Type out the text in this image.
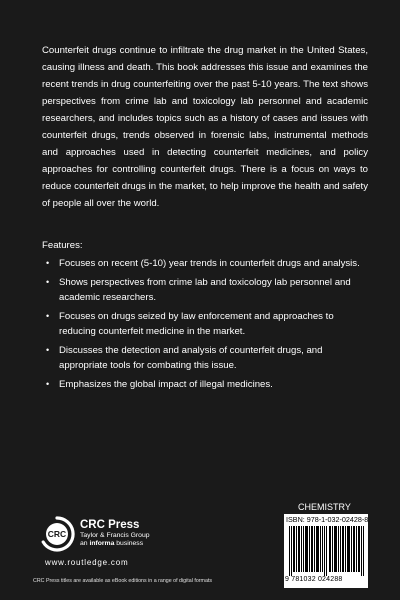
Counterfeit drugs continue to infiltrate the drug market in the United States, causing illness and death. This book addresses this issue and examines the recent trends in drug counterfeiting over the past 5-10 years. The text shows perspectives from crime lab and toxicology lab personnel and academic researchers, and includes topics such as a history of cases and issues with counterfeit drugs, trends observed in forensic labs, instrumental methods and approaches used in detecting counterfeit medicines, and policy approaches for controlling counterfeit drugs. There is a focus on ways to reduce counterfeit drugs in the market, to help improve the health and safety of people all over the world.

Features:

• Focuses on recent (5-10) year trends in counterfeit drugs and analysis.
• Shows perspectives from crime lab and toxicology lab personnel and academic researchers.
• Focuses on drugs seized by law enforcement and approaches to reducing counterfeit medicine in the market.
• Discusses the detection and analysis of counterfeit drugs, and appropriate tools for combating this issue.
• Emphasizes the global impact of illegal medicines.
CHEMISTRY
ISBN: 978-1-032-02428-8
9 781032 024288
CRC
CRC Press
Taylor & Francis Group
an informa business
www.routledge.com
CRC Press titles are available as eBook editions in a range of digital formats
